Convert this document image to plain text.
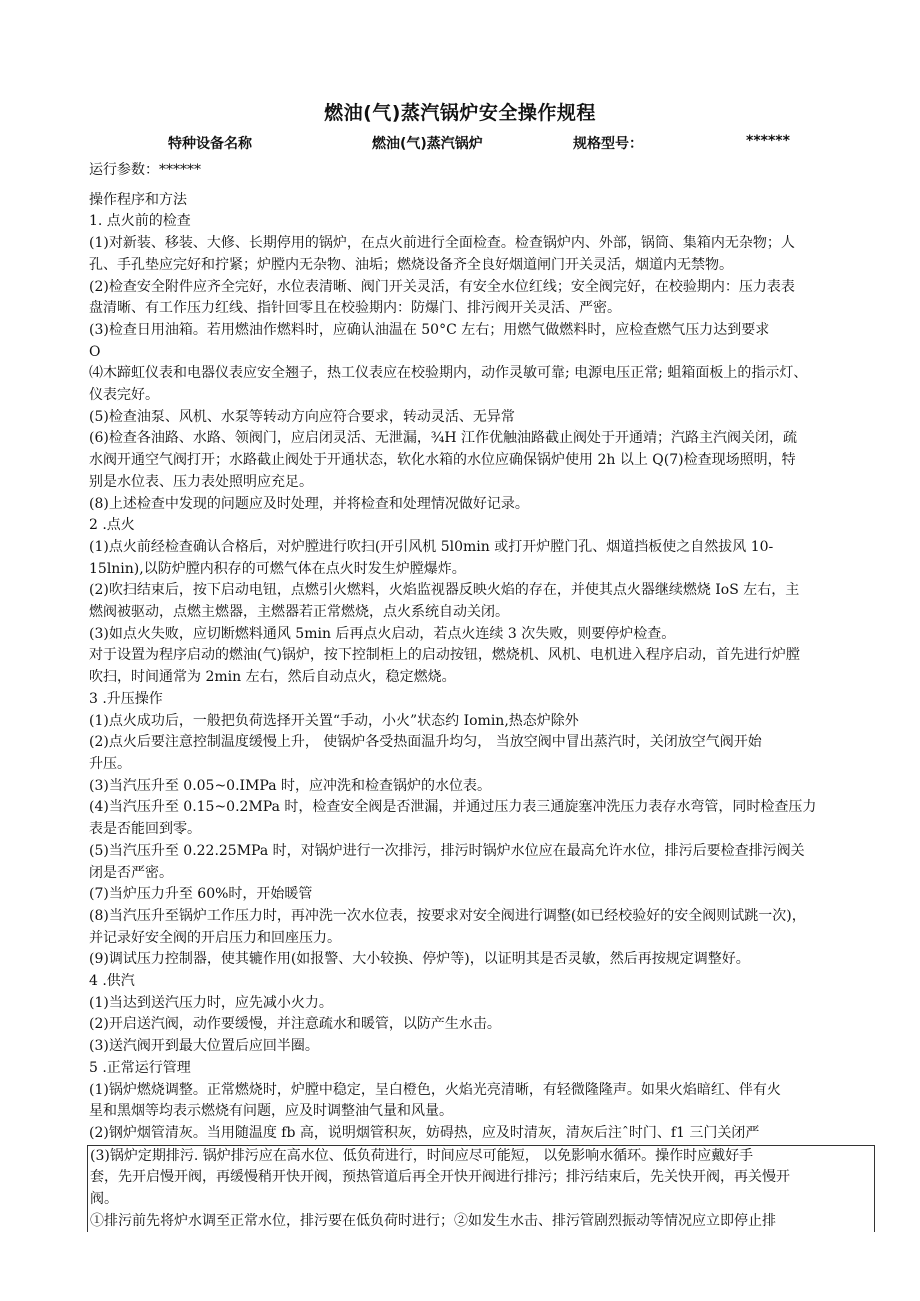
燃油(气)蒸汽锅炉安全操作规程
特种设备名称	燃油(气)蒸汽锅炉	规格型号：	******

运行参数：******

操作程序和方法

1. 点火前的检查

(1)对新装、移装、大修、长期停用的锅炉，在点火前进行全面检查。检查锅炉内、外部，锅筒、集箱内无杂物；人

孔、手孔垫应完好和拧紧；炉膛内无杂物、油垢；燃烧设备齐全良好烟道闸门开关灵活，烟道内无禁物。

(2)检查安全附件应齐全完好，水位表清晰、阀门开关灵活，有安全水位红线；安全阀完好，在校验期内：压力表表

盘清晰、有工作压力红线、指针回零且在校验期内：防爆门、排污阀开关灵活、严密。

(3)检查日用油箱。若用燃油作燃料时，应确认油温在 50°C 左右；用燃气做燃料时，应检查燃气压力达到要求

O

⑷木蹄虹仪表和电器仪表应安全翘子，热工仪表应在校验期内，动作灵敏可靠; 电源电压正常; 蛆箱面板上的指示灯、

仪表完好。

(5)检查油泵、风机、水泵等转动方向应符合要求，转动灵活、无异常

(6)检查各油路、水路、领阀门，应启闭灵活、无泄漏，¾H 江作优触油路截止阀处于开通靖；汽路主汽阀关闭，疏

水阀开通空气阀打开；水路截止阀处于开通状态，软化水箱的水位应确保锅炉使用 2h 以上 Q(7)检查现场照明，特

别是水位表、压力表处照明应充足。

(8)上述检查中发现的问题应及时处理，并将检查和处理情况做好记录。

2 .点火

(1)点火前经检查确认合格后，对炉膛进行吹扫(开引风机 5l0min 或打开炉膛门孔、烟道挡板使之自然拔风 10-

15lnin),以防炉膛内积存的可燃气体在点火时发生炉膛爆炸。

(2)吹扫结束后，按下启动电钮，点燃引火燃料，火焰监视器反映火焰的存在，并使其点火器继续燃烧 IoS 左右，主

燃阀被驱动，点燃主燃器，主燃器若正常燃烧，点火系统自动关闭。

(3)如点火失败，应切断燃料通风 5min 后再点火启动，若点火连续 3 次失败，则要停炉检查。

对于设置为程序启动的燃油(气)锅炉，按下控制柜上的启动按钮，燃烧机、风机、电机进入程序启动，首先进行炉膛

吹扫，时间通常为 2min 左右，然后自动点火，稳定燃烧。

3 .升压操作

(1)点火成功后，一般把负荷选择开关置“手动，小火”状态约 Iomin,热态炉除外

(2)点火后要注意控制温度缓慢上升， 使锅炉各受热面温升均匀， 当放空阀中冒出蒸汽时，关闭放空气阀开始

升压。

(3)当汽压升至 0.05~0.IMPa 时，应冲洗和检查锅炉的水位表。

(4)当汽压升至 0.15~0.2MPa 时，检查安全阀是否泄漏，并通过压力表三通旋塞冲洗压力表存水弯管，同时检查压力

表是否能回到零。

(5)当汽压升至 0.22.25MPa 时，对锅炉进行一次排污，排污时锅炉水位应在最高允许水位，排污后要检查排污阀关

闭是否严密。

(7)当炉压力升至 60%时，开始暖管

(8)当汽压升至锅炉工作压力时，再冲洗一次水位表，按要求对安全阀进行调整(如已经校验好的安全阀则试跳一次)，

并记录好安全阀的开启压力和回座压力。

(9)调试压力控制器，使其辘作用(如报警、大小较换、停炉等)，以证明其是否灵敏，然后再按规定调整好。

4 .供汽

(1)当达到送汽压力时，应先减小火力。

(2)开启送汽阀，动作要缓慢，并注意疏水和暖管，以防产生水击。

(3)送汽阀开到最大位置后应回半圈。

5 .正常运行管理

(1)锅炉燃烧调整。正常燃烧时，炉膛中稳定，呈白橙色，火焰光亮清晰，有轻微隆隆声。如果火焰暗红、伴有火

星和黑烟等均表示燃烧有问题，应及时调整油气量和风量。

(2)钢炉烟管清灰。当用随温度 fb 高，说明烟管积灰，妨碍热，应及时清灰，清灰后注ˆ时门、f1 三门关闭严

(3)锅炉定期排污. 锅炉排污应在高水位、低负荷进行，时间应尽可能短， 以免影响水循环。操作时应戴好手

套，先开启慢开阀，再缓慢稍开快开阀，预热管道后再全开快开阀进行排污；排污结束后，先关快开阀，再关慢开

阀。

①排污前先将炉水调至正常水位，排污要在低负荷时进行；②如发生水击、排污管剧烈振动等情况应立即停止排
